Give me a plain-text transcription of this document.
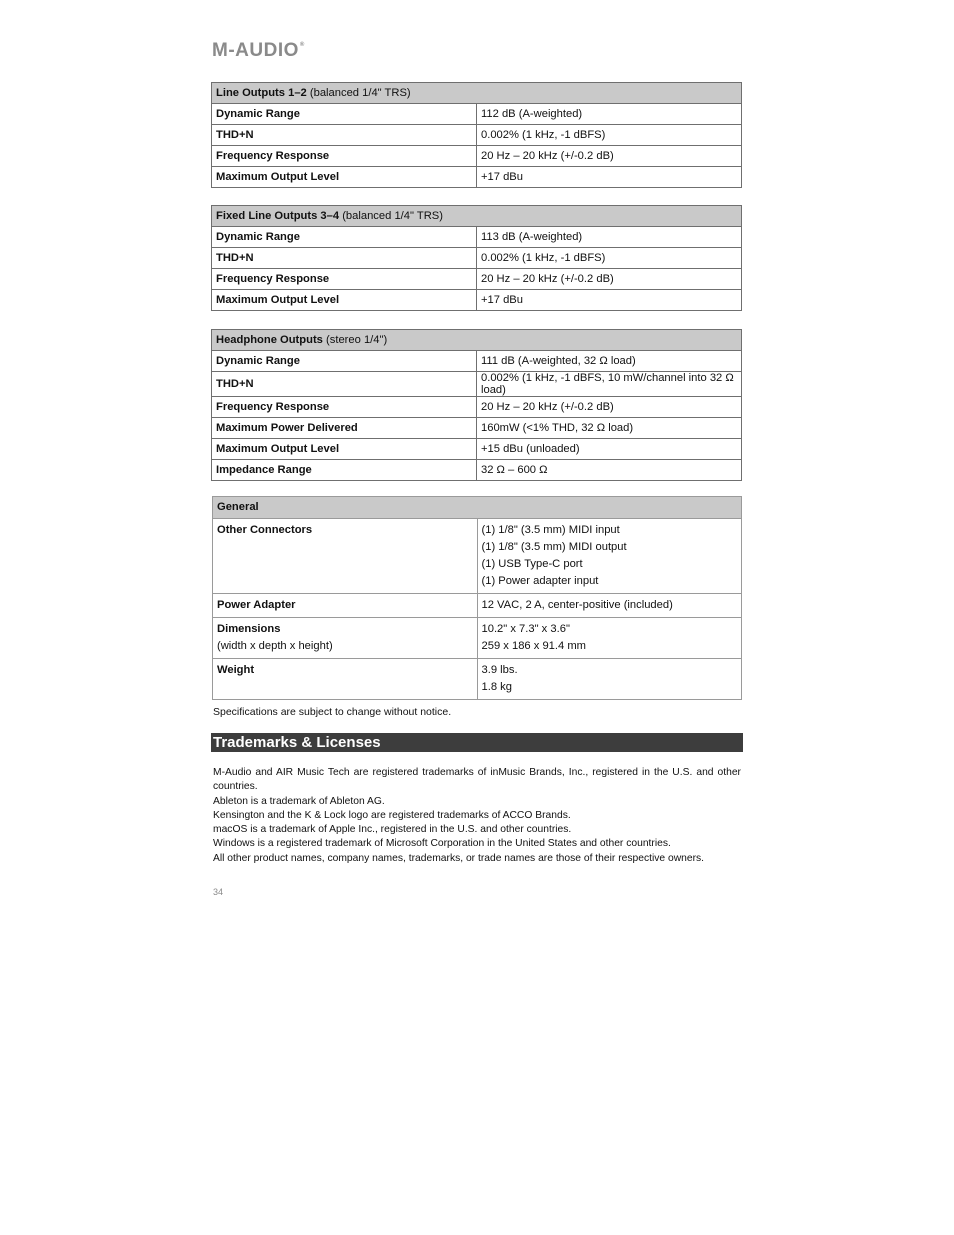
M-AUDIO®
Line Outputs 1–2 (balanced 1/4" TRS)	
Dynamic Range	112 dB (A-weighted)
THD+N	0.002% (1 kHz, -1 dBFS)
Frequency Response	20 Hz – 20 kHz (+/-0.2 dB)
Maximum Output Level	+17 dBu
Fixed Line Outputs 3–4 (balanced 1/4" TRS)	
Dynamic Range	113 dB (A-weighted)
THD+N	0.002% (1 kHz, -1 dBFS)
Frequency Response	20 Hz – 20 kHz (+/-0.2 dB)
Maximum Output Level	+17 dBu
Headphone Outputs (stereo 1/4")	
Dynamic Range	111 dB (A-weighted, 32 Ω load)
THD+N	0.002% (1 kHz, -1 dBFS, 10 mW/channel into 32 Ω load)
Frequency Response	20 Hz – 20 kHz (+/-0.2 dB)
Maximum Power Delivered	160mW (<1% THD, 32 Ω load)
Maximum Output Level	+15 dBu (unloaded)
Impedance Range	32 Ω – 600 Ω
General	
Other Connectors	(1) 1/8" (3.5 mm) MIDI input
(1) 1/8" (3.5 mm) MIDI output
(1) USB Type-C port
(1) Power adapter input

Power Adapter	12 VAC, 2 A, center-positive (included)

Dimensions
(width x depth x height)	10.2" x 7.3" x 3.6"
259 x 186 x 91.4 mm

Weight	3.9 lbs.
1.8 kg
Specifications are subject to change without notice.
Trademarks & Licenses

M-Audio and AIR Music Tech are registered trademarks of inMusic Brands, Inc., registered in the U.S. and other countries.

Ableton is a trademark of Ableton AG.

Kensington and the K & Lock logo are registered trademarks of ACCO Brands.

macOS is a trademark of Apple Inc., registered in the U.S. and other countries.

Windows is a registered trademark of Microsoft Corporation in the United States and other countries.

All other product names, company names, trademarks, or trade names are those of their respective owners.

34
